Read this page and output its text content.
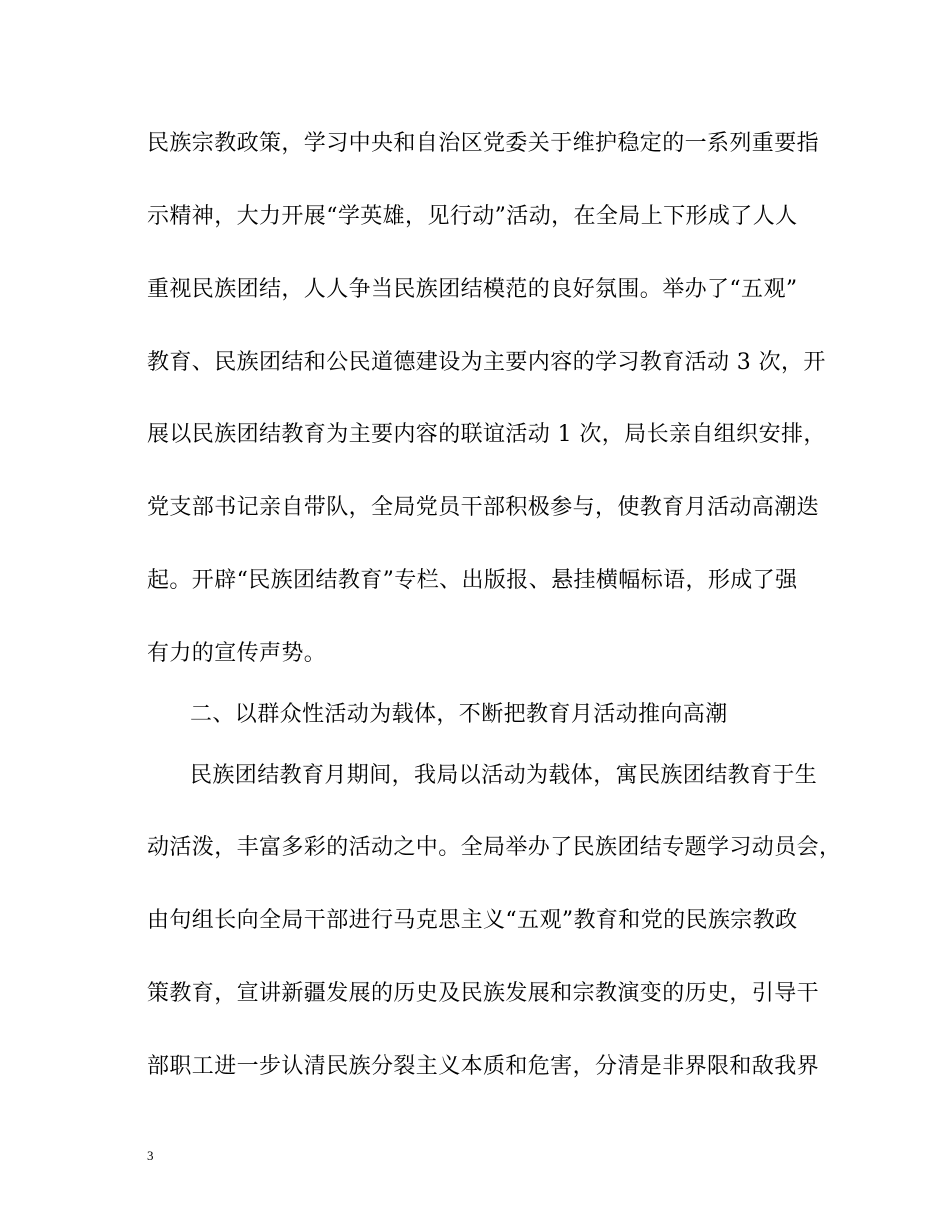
民族宗教政策，学习中央和自治区党委关于维护稳定的一系列重要指
示精神，大力开展“学英雄，见行动”活动，在全局上下形成了人人
重视民族团结，人人争当民族团结模范的良好氛围。举办了“五观”
教育、民族团结和公民道德建设为主要内容的学习教育活动 3 次，开
展以民族团结教育为主要内容的联谊活动 1 次，局长亲自组织安排，
党支部书记亲自带队，全局党员干部积极参与，使教育月活动高潮迭
起。开辟“民族团结教育”专栏、出版报、悬挂横幅标语，形成了强
有力的宣传声势。
二、以群众性活动为载体，不断把教育月活动推向高潮
民族团结教育月期间，我局以活动为载体，寓民族团结教育于生
动活泼，丰富多彩的活动之中。全局举办了民族团结专题学习动员会，
由句组长向全局干部进行马克思主义“五观”教育和党的民族宗教政
策教育，宣讲新疆发展的历史及民族发展和宗教演变的历史，引导干
部职工进一步认清民族分裂主义本质和危害，分清是非界限和敌我界
3
